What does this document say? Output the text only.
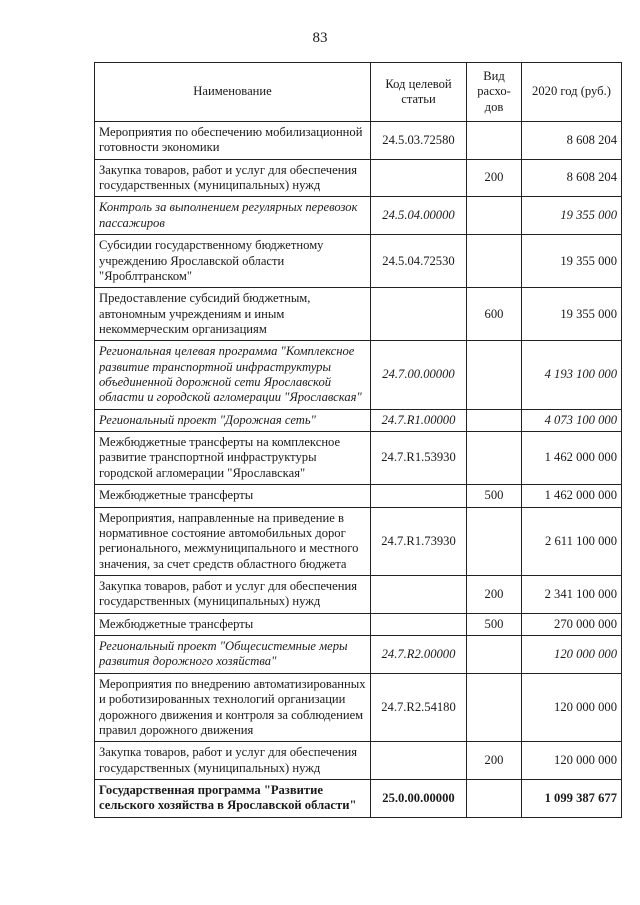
83
Наименование	Код целевой статьи	Вид расхо-дов	2020 год (руб.)
Мероприятия по обеспечению мобилизационной готовности экономики	24.5.03.72580		8 608 204
Закупка товаров, работ и услуг для обеспечения государственных (муниципальных) нужд		200	8 608 204
Контроль за выполнением регулярных перевозок пассажиров	24.5.04.00000		19 355 000
Субсидии государственному бюджетному учреждению Ярославской области "Яроблтранском"	24.5.04.72530		19 355 000
Предоставление субсидий бюджетным, автономным учреждениям и иным некоммерческим организациям		600	19 355 000
Региональная целевая программа "Комплексное развитие транспортной инфраструктуры объединенной дорожной сети Ярославской области и городской агломерации "Ярославская"	24.7.00.00000		4 193 100 000
Региональный проект "Дорожная сеть"	24.7.R1.00000		4 073 100 000
Межбюджетные трансферты на комплексное развитие транспортной инфраструктуры городской агломерации "Ярославская"	24.7.R1.53930		1 462 000 000
Межбюджетные трансферты		500	1 462 000 000
Мероприятия, направленные на приведение в нормативное состояние автомобильных дорог регионального, межмуниципального и местного значения, за счет средств областного бюджета	24.7.R1.73930		2 611 100 000
Закупка товаров, работ и услуг для обеспечения государственных (муниципальных) нужд		200	2 341 100 000
Межбюджетные трансферты		500	270 000 000
Региональный проект "Общесистемные меры развития дорожного хозяйства"	24.7.R2.00000		120 000 000
Мероприятия по внедрению автоматизированных и роботизированных технологий организации дорожного движения и контроля за соблюдением правил дорожного движения	24.7.R2.54180		120 000 000
Закупка товаров, работ и услуг для обеспечения государственных (муниципальных) нужд		200	120 000 000
Государственная программа "Развитие сельского хозяйства в Ярославской области"	25.0.00.00000		1 099 387 677
